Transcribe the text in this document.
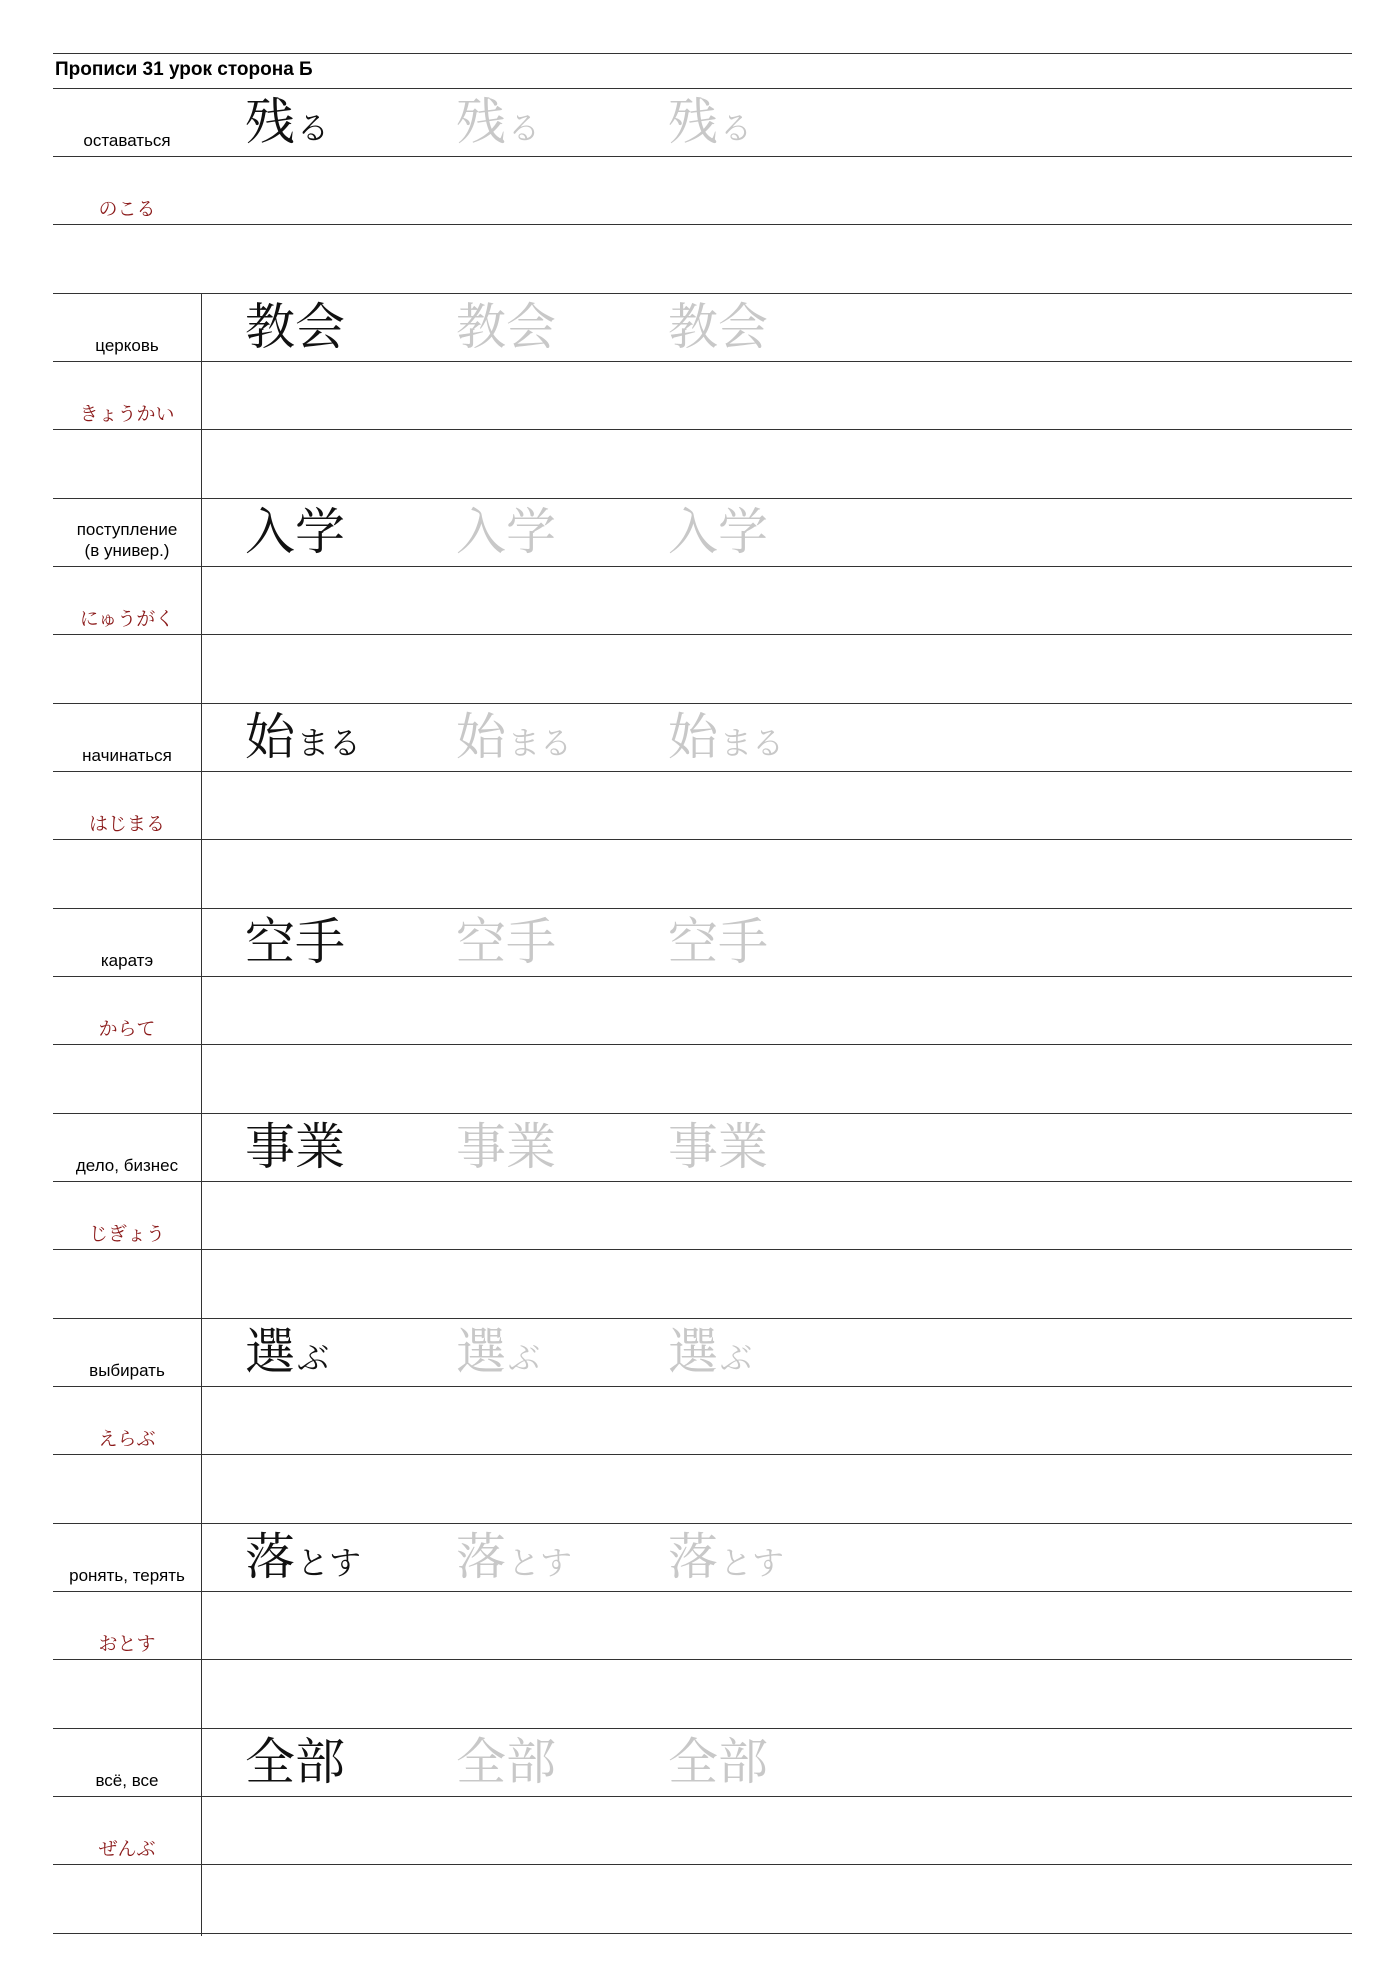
Прописи 31 урок сторона Б
оставаться
のこる
残る	残る	残る
церковь
きょうかい
教会 教会 教会
поступление
(в универ.)
にゅうがく
入学 入学 入学
начинаться
はじまる
始まる 始まる 始まる
каратэ
からて
空手 空手 空手
дело, бизнес
じぎょう
事業 事業 事業
выбирать
えらぶ
選ぶ	選ぶ	選ぶ
ронять, терять
おとす
落とす 落とす 落とす
всё, все
ぜんぶ
全部 全部 全部
